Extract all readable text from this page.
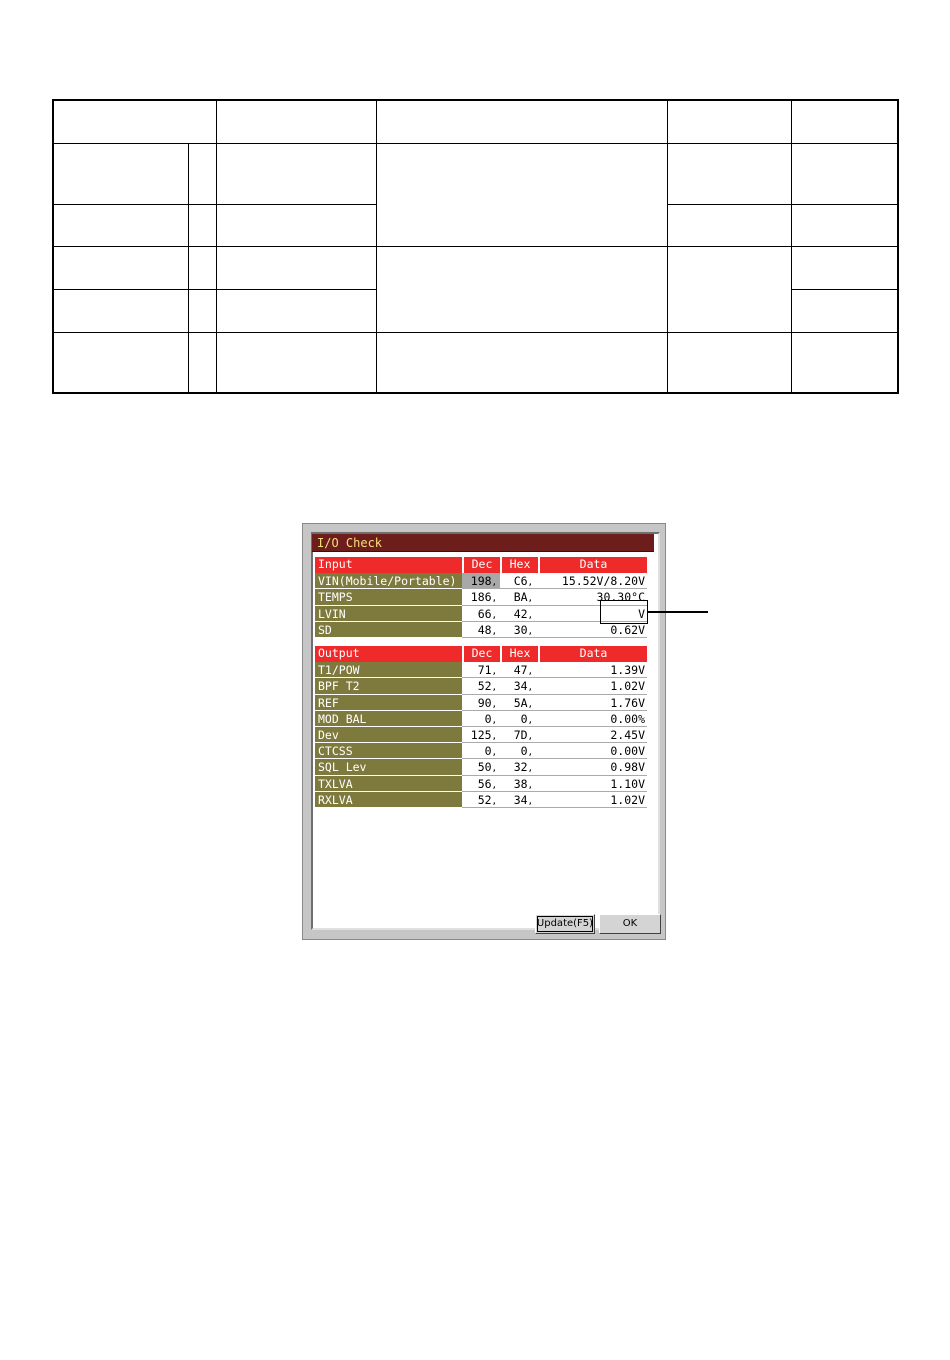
I/O Check
Input	Dec	Hex	Data
VIN(Mobile/Portable)	198,	C6,	15.52V/8.20V
TEMPS	186,	BA,	30.30°C
LVIN	66,	42,	V
SD	48,	30,	0.62V
Output	Dec	Hex	Data
T1/POW	71,	47,	1.39V
BPF T2	52,	34,	1.02V
REF	90,	5A,	1.76V
MOD BAL	0,	0,	0.00%
Dev	125,	7D,	2.45V
CTCSS	0,	0,	0.00V
SQL Lev	50,	32,	0.98V
TXLVA	56,	38,	1.10V
RXLVA	52,	34,	1.02V
Update(F5)	OK
